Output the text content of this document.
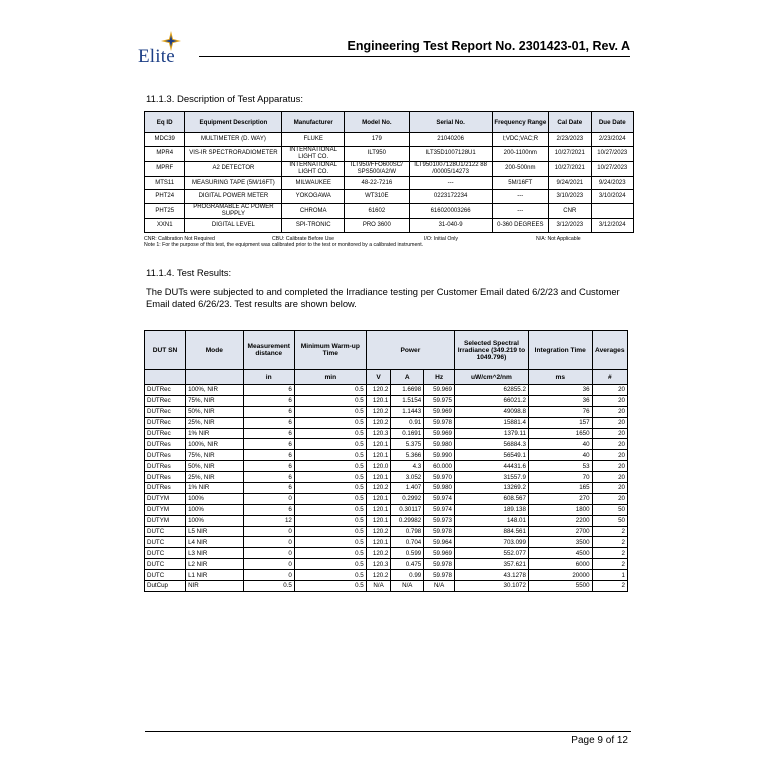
Elite	Engineering Test Report No. 2301423-01, Rev. A
11.1.3. Description of Test Apparatus:
Eq ID	Equipment Description	Manufacturer	Model No.	Serial No.	Frequency Range	Cal Date	Due Date
MDC39	MULTIMETER (D. WAY)	FLUKE	179	21040206	I;VDC;VAC;R	2/23/2023	2/23/2024
MPR4	VIS-IR SPECTRORADIOMETER	INTERNATIONAL LIGHT CO.	ILT950	ILT35D1007128U1	200-1100nm	10/27/2021	10/27/2023
MPRF	A2 DETECTOR	INTERNATIONAL LIGHT CO.	ILT950/FFO600SC/ SPS500/A2/W	ILT9501007128U1/2122 88 /00005/14273	200-500nm	10/27/2021	10/27/2023
MTS11	MEASURING TAPE (5M/16FT)	MILWAUKEE	48-22-7216	---	5M/16FT	9/24/2021	9/24/2023
PHT24	DIGITAL POWER METER	YOKOGAWA	WT310E	0223172234	---	3/10/2023	3/10/2024
PHT25	PROGRAMABLE AC POWER SUPPLY	CHROMA	61602	616020003266	---	CNR	
XXN1	DIGITAL LEVEL	SPI-TRONIC	PRO 3600	31-040-9	0-360 DEGREES	3/12/2023	3/12/2024
CNR: Calibration Not Required	CBU: Calibrate Before Use	I/O: Initial Only	N/A: Not Applicable
Note 1: For the purpose of this test, the equipment was calibrated prior to the test or monitored by a calibrated instrument.
11.1.4. Test Results:
The DUTs were subjected to and completed the Irradiance testing per Customer Email dated 6/2/23 and Customer Email dated 6/26/23. Test results are shown below.
DUT SN	Mode	Measurement distance	Minimum Warm-up Time	Power			Selected Spectral Irradiance (349.219 to 1049.796)	Integration Time	Averages
		in	min	V	A	Hz	uW/cm^2/nm	ms	#
DUTRec	100%, NIR	6	0.5	120.2	1.6698	59.969	62855.2	36	20
DUTRec	75%, NIR	6	0.5	120.1	1.5154	59.975	66021.2	36	20
DUTRec	50%, NIR	6	0.5	120.2	1.1443	59.969	49098.8	76	20
DUTRec	25%, NIR	6	0.5	120.2	0.91	59.978	15881.4	157	20
DUTRec	1% NIR	6	0.5	120.3	0.1691	59.969	1379.11	1650	20
DUTRes	100%, NIR	6	0.5	120.1	5.375	59.980	56884.3	40	20
DUTRes	75%, NIR	6	0.5	120.1	5.366	59.990	56549.1	40	20
DUTRes	50%, NIR	6	0.5	120.0	4.3	60.000	44431.6	53	20
DUTRes	25%, NIR	6	0.5	120.1	3.052	59.970	31557.9	70	20
DUTRes	1% NIR	6	0.5	120.2	1.407	59.980	13269.2	165	20
DUTYM	100%	0	0.5	120.1	0.2992	59.974	608.567	270	20
DUTYM	100%	6	0.5	120.1	0.30117	59.974	189.138	1800	50
DUTYM	100%	12	0.5	120.1	0.29982	59.973	148.01	2200	50
DUTC	L5 NIR	0	0.5	120.2	0.798	59.978	884.561	2700	2
DUTC	L4 NIR	0	0.5	120.1	0.704	59.964	703.099	3500	2
DUTC	L3 NIR	0	0.5	120.2	0.599	59.969	552.077	4500	2
DUTC	L2 NIR	0	0.5	120.3	0.475	59.978	357.621	6000	2
DUTC	L1 NIR	0	0.5	120.2	0.99	59.978	43.1278	20000	1
DutCup	NIR	0.5	0.5	N/A	N/A	N/A	30.1072	5500	2
Page 9 of 12
